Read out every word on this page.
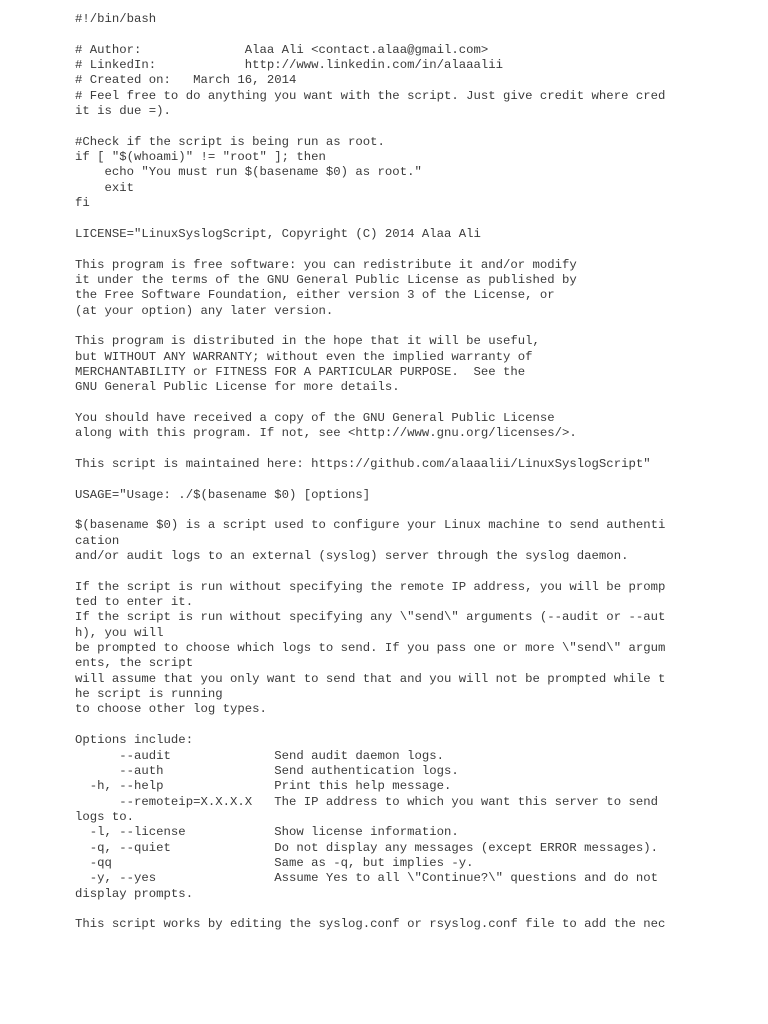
#!/bin/bash
# Author:              Alaa Ali <contact.alaa@gmail.com>
# LinkedIn:            http://www.linkedin.com/in/alaaalii
# Created on:   March 16, 2014
# Feel free to do anything you want with the script. Just give credit where cred
it is due =).
#Check if the script is being run as root.
if [ "$(whoami)" != "root" ]; then
echo "You must run $(basename $0) as root."
exit
fi
LICENSE="LinuxSyslogScript, Copyright (C) 2014 Alaa Ali
This program is free software: you can redistribute it and/or modify
it under the terms of the GNU General Public License as published by
the Free Software Foundation, either version 3 of the License, or
(at your option) any later version.
This program is distributed in the hope that it will be useful,
but WITHOUT ANY WARRANTY; without even the implied warranty of
MERCHANTABILITY or FITNESS FOR A PARTICULAR PURPOSE.  See the
GNU General Public License for more details.
You should have received a copy of the GNU General Public License
along with this program. If not, see <http://www.gnu.org/licenses/>.
This script is maintained here: https://github.com/alaaalii/LinuxSyslogScript"
USAGE="Usage: ./$(basename $0) [options]
$(basename $0) is a script used to configure your Linux machine to send authenti
cation
and/or audit logs to an external (syslog) server through the syslog daemon.
If the script is run without specifying the remote IP address, you will be promp
ted to enter it.
If the script is run without specifying any \"send\" arguments (--audit or --aut
h), you will
be prompted to choose which logs to send. If you pass one or more \"send\" argum
ents, the script
will assume that you only want to send that and you will not be prompted while t
he script is running
to choose other log types.
Options include:
--audit              Send audit daemon logs.
--auth               Send authentication logs.
-h, --help               Print this help message.
--remoteip=X.X.X.X   The IP address to which you want this server to send
logs to.
-l, --license            Show license information.
-q, --quiet              Do not display any messages (except ERROR messages).
-qq                      Same as -q, but implies -y.
-y, --yes                Assume Yes to all \"Continue?\" questions and do not
display prompts.
This script works by editing the syslog.conf or rsyslog.conf file to add the nec
